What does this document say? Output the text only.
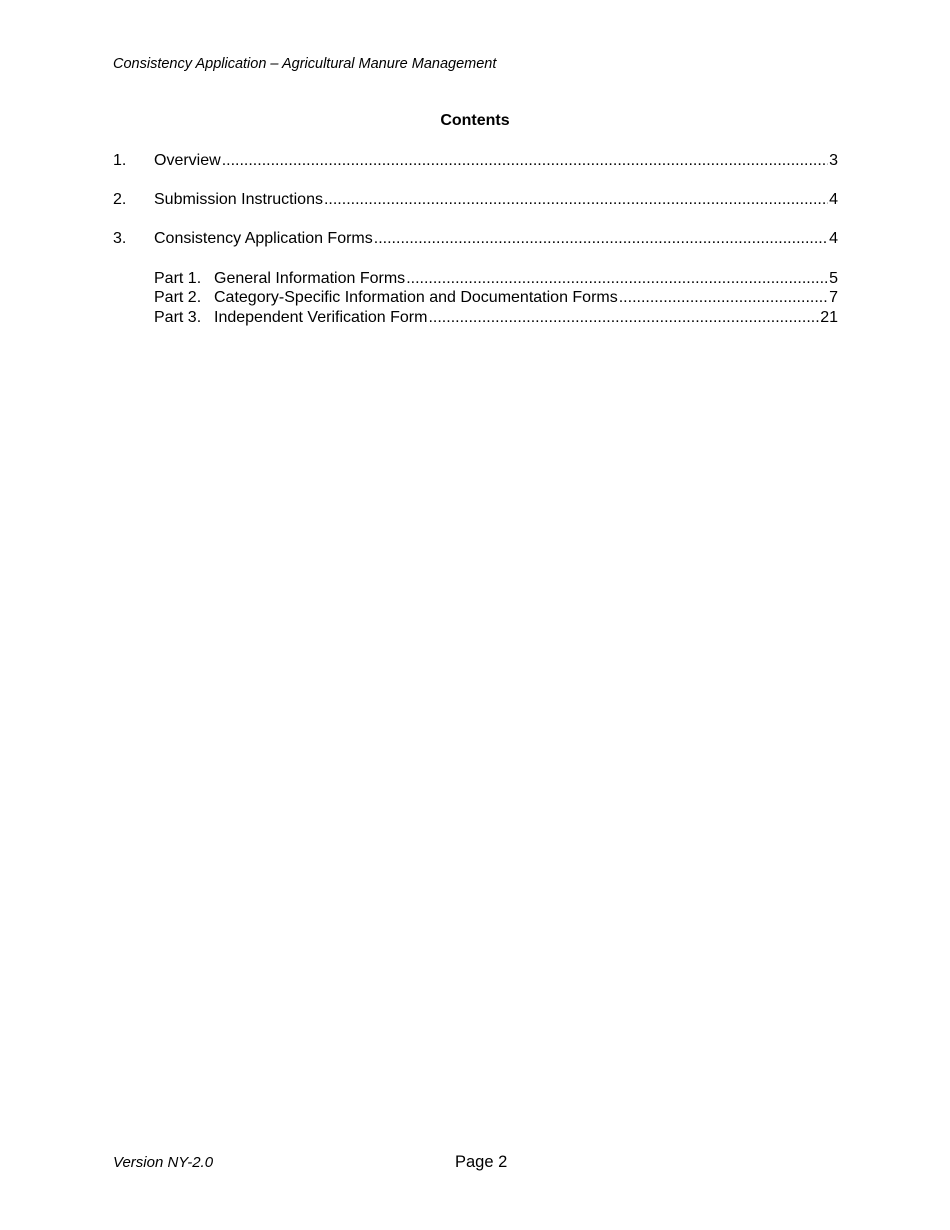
Consistency Application – Agricultural Manure Management
Contents
1. Overview .....	3
2. Submission Instructions .....	4
3. Consistency Application Forms .....	4
Part 1. General Information Forms .....	5
Part 2. Category-Specific Information and Documentation Forms .....	7
Part 3. Independent Verification Form .....	21
Version NY-2.0	Page 2
